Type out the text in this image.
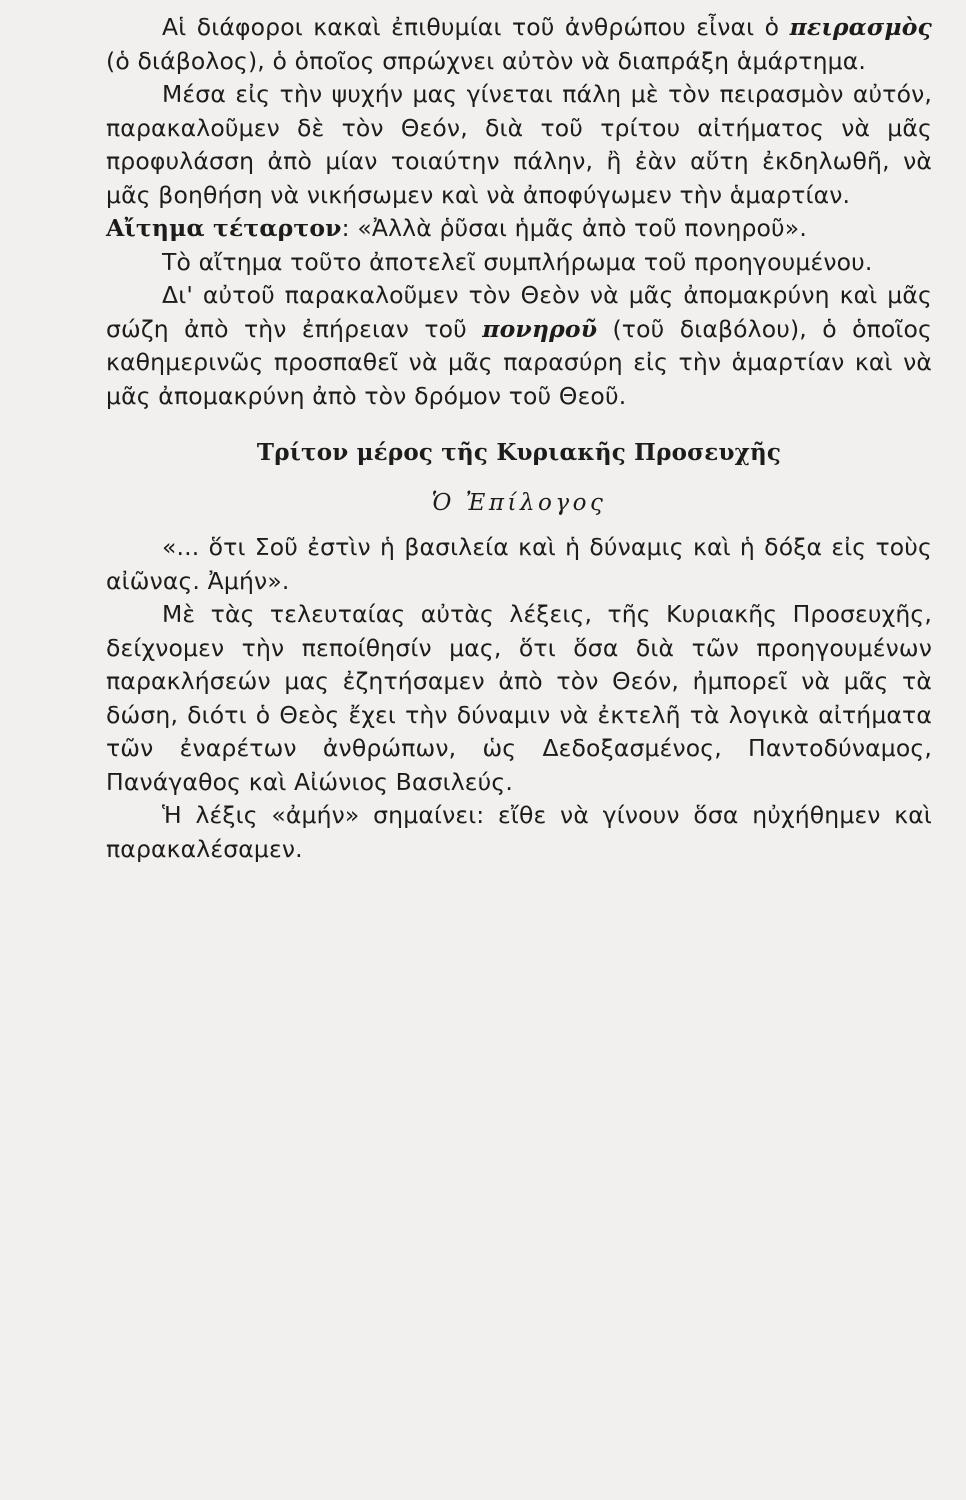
Αἱ διάφοροι κακαὶ ἐπιθυμίαι τοῦ ἀνθρώπου εἶναι ὁ πειρασμὸς (ὁ διάβολος), ὁ ὁποῖος σπρώχνει αὐτὸν νὰ διαπράξη ἁμάρτημα.

Μέσα εἰς τὴν ψυχήν μας γίνεται πάλη μὲ τὸν πειρασμὸν αὐτόν, παρακαλοῦμεν δὲ τὸν Θεόν, διὰ τοῦ τρίτου αἰτήματος νὰ μᾶς προφυλάσση ἀπὸ μίαν τοιαύτην πάλην, ἢ ἐὰν αὕτη ἐκδηλωθῆ, νὰ μᾶς βοηθήση νὰ νικήσωμεν καὶ νὰ ἀποφύγωμεν τὴν ἁμαρτίαν.

Αἴτημα τέταρτον: «Ἀλλὰ ῥῦσαι ἡμᾶς ἀπὸ τοῦ πονηροῦ».

Τὸ αἴτημα τοῦτο ἀποτελεῖ συμπλήρωμα τοῦ προηγουμένου.

Δι' αὐτοῦ παρακαλοῦμεν τὸν Θεὸν νὰ μᾶς ἀπομακρύνη καὶ μᾶς σώζη ἀπὸ τὴν ἐπήρειαν τοῦ πονηροῦ (τοῦ διαβόλου), ὁ ὁποῖος καθημερινῶς προσπαθεῖ νὰ μᾶς παρασύρη εἰς τὴν ἁμαρτίαν καὶ νὰ μᾶς ἀπομακρύνη ἀπὸ τὸν δρόμον τοῦ Θεοῦ.

Τρίτον μέρος τῆς Κυριακῆς Προσευχῆς
Ὁ Ἐπίλογος

«... ὅτι Σοῦ ἐστὶν ἡ βασιλεία καὶ ἡ δύναμις καὶ ἡ δόξα εἰς τοὺς αἰῶνας. Ἀμήν».

Μὲ τὰς τελευταίας αὐτὰς λέξεις, τῆς Κυριακῆς Προσευχῆς, δείχνομεν τὴν πεποίθησίν μας, ὅτι ὅσα διὰ τῶν προηγουμένων παρακλήσεών μας ἐζητήσαμεν ἀπὸ τὸν Θεόν, ἠμπορεῖ νὰ μᾶς τὰ δώση, διότι ὁ Θεὸς ἔχει τὴν δύναμιν νὰ ἐκτελῆ τὰ λογικὰ αἰτήματα τῶν ἐναρέτων ἀνθρώπων, ὡς Δεδοξασμένος, Παντοδύναμος, Πανάγαθος καὶ Αἰώνιος Βασιλεύς.

Ἡ λέξις «ἀμήν» σημαίνει: εἴθε νὰ γίνουν ὅσα ηὐχήθημεν καὶ παρακαλέσαμεν.
